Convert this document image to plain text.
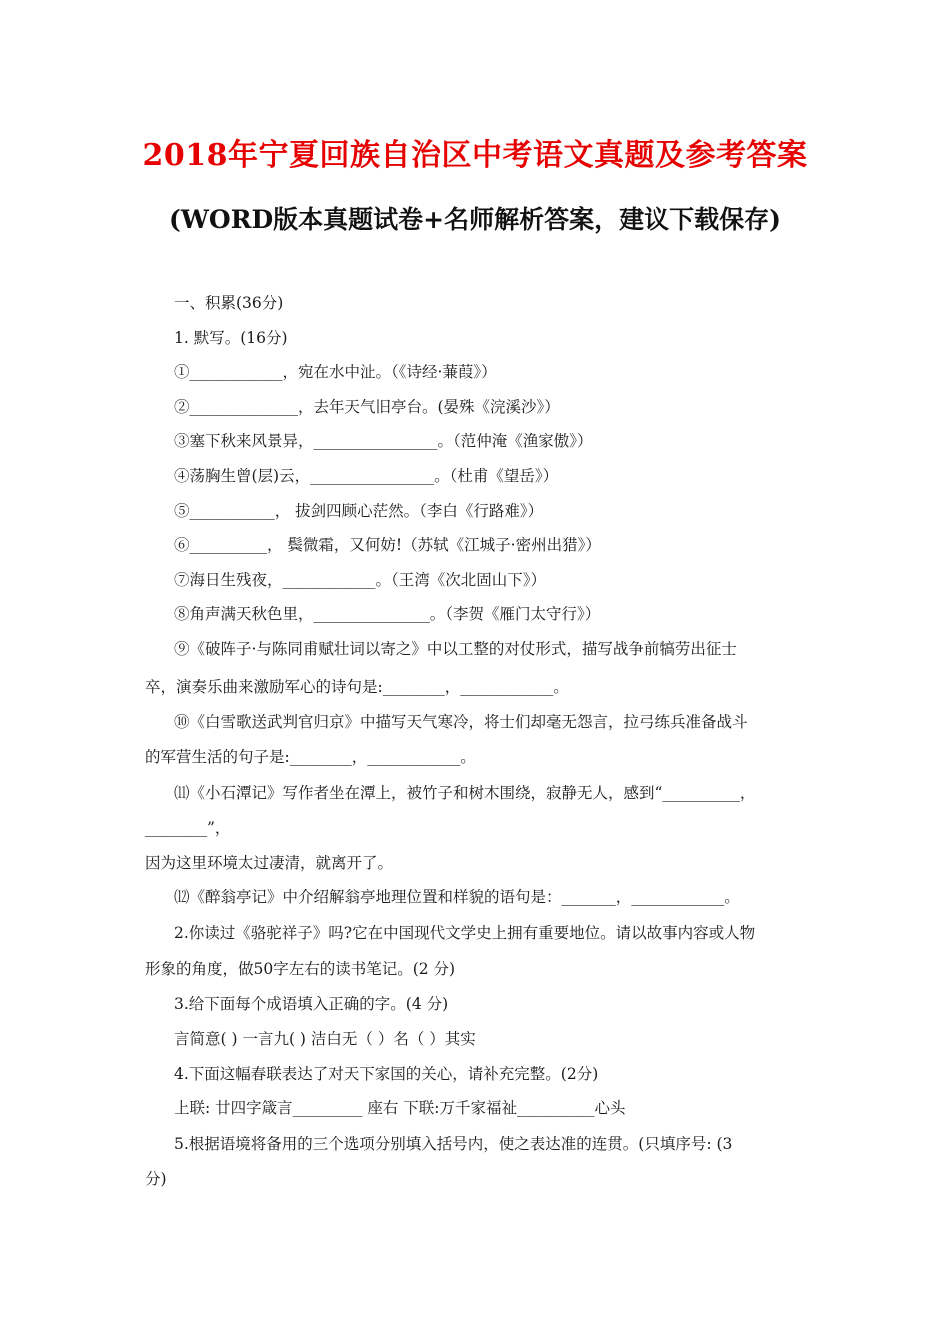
2018年宁夏回族自治区中考语文真题及参考答案
(WORD版本真题试卷+名师解析答案，建议下载保存)
一、积累(36分)
1. 默写。(16分)
①____________，宛在水中沚。（《诗经·蒹葭》）
②______________，去年天气旧亭台。(晏殊《浣溪沙》）
③塞下秋来风景异，________________。（范仲淹《渔家傲》）
④荡胸生曾(层)云，________________。（杜甫《望岳》）
⑤___________， 拔剑四顾心茫然。（李白《行路难》）
⑥__________， 鬓微霜，又何妨!（苏轼《江城子·密州出猎》）
⑦海日生残夜，____________。（王湾《次北固山下》）
⑧角声满天秋色里，_______________。（李贺《雁门太守行》）
⑨《破阵子·与陈同甫赋壮词以寄之》中以工整的对仗形式，描写战争前犒劳出征士
卒，演奏乐曲来激励军心的诗句是:________，____________。
⑩《白雪歌送武判官归京》中描写天气寒冷，将士们却毫无怨言，拉弓练兵准备战斗
的军营生活的句子是:________，____________。
⑾《小石潭记》写作者坐在潭上，被竹子和树木围绕，寂静无人，感到“__________，
________”，
因为这里环境太过凄清，就离开了。
⑿《醉翁亭记》中介绍解翁亭地理位置和样貌的语句是：_______，____________。
2.你读过《骆驼祥子》吗?它在中国现代文学史上拥有重要地位。请以故事内容或人物
形象的角度，做50字左右的读书笔记。(2 分)
3.给下面每个成语填入正确的字。(4 分)
言简意( ) 一言九( ) 洁白无（ ）名（ ）其实
4.下面这幅春联表达了对天下家国的关心，请补充完整。(2分)
上联: 廿四字箴言_________ 座右 下联:万千家福祉__________心头
5.根据语境将备用的三个选项分别填入括号内，使之表达准的连贯。(只填序号: (3
分)
